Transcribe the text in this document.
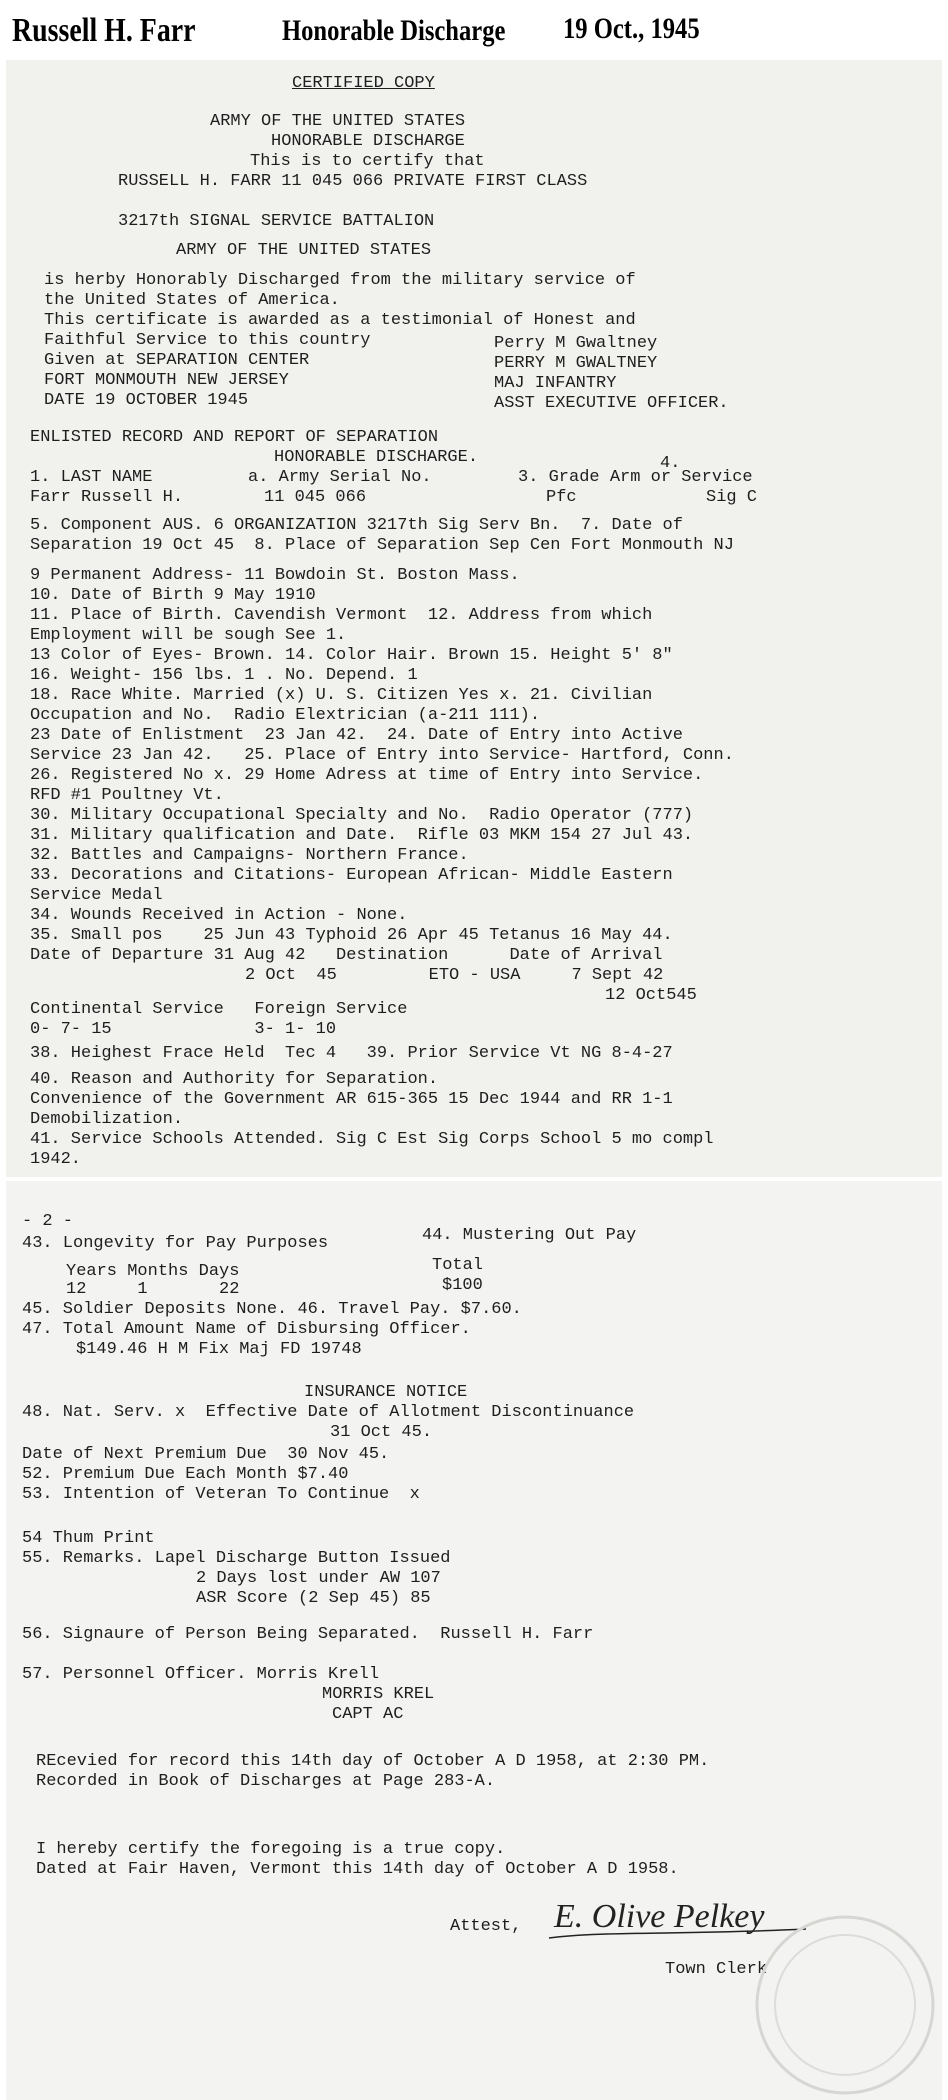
Russell H. Farr	Honorable Discharge 19 Oct., 1945
CERTIFIED COPY
ARMY OF THE UNITED STATES
HONORABLE DISCHARGE
This is to certify that
RUSSELL H. FARR 11 045 066 PRIVATE FIRST CLASS
3217th SIGNAL SERVICE BATTALION
ARMY OF THE UNITED STATES
is herby Honorably Discharged from the military service of
the United States of America.
This certificate is awarded as a testimonial of Honest and
Faithful Service to this country
Given at SEPARATION CENTER
FORT MONMOUTH NEW JERSEY
DATE 19 OCTOBER 1945
Perry M Gwaltney
PERRY M GWALTNEY
MAJ INFANTRY
ASST EXECUTIVE OFFICER.
ENLISTED RECORD AND REPORT OF SEPARATION
HONORABLE DISCHARGE.	4.
1. LAST NAME	a. Army Serial No.	3. Grade Arm or Service
Farr Russell H.	11 045 066	Pfc	Sig C
5. Component AUS. 6 ORGANIZATION 3217th Sig Serv Bn.  7. Date of
Separation 19 Oct 45  8. Place of Separation Sep Cen Fort Monmouth NJ
9 Permanent Address- 11 Bowdoin St. Boston Mass.
10. Date of Birth 9 May 1910
11. Place of Birth. Cavendish Vermont  12. Address from which
Employment will be sough See 1.
13 Color of Eyes- Brown. 14. Color Hair. Brown 15. Height 5' 8"
16. Weight- 156 lbs. 1 . No. Depend. 1
18. Race White. Married (x) U. S. Citizen Yes x. 21. Civilian
Occupation and No.  Radio Elextrician (a-211 111).
23 Date of Enlistment  23 Jan 42.  24. Date of Entry into Active
Service 23 Jan 42.   25. Place of Entry into Service- Hartford, Conn.
26. Registered No x. 29 Home Adress at time of Entry into Service.
RFD #1 Poultney Vt.
30. Military Occupational Specialty and No.  Radio Operator (777)
31. Military qualification and Date.  Rifle 03 MKM 154 27 Jul 43.
32. Battles and Campaigns- Northern France.
33. Decorations and Citations- European African- Middle Eastern
Service Medal
34. Wounds Received in Action - None.
35. Small pos    25 Jun 43 Typhoid 26 Apr 45 Tetanus 16 May 44.
Date of Departure 31 Aug 42   Destination      Date of Arrival
2 Oct  45         ETO - USA     7 Sept 42
12 Oct545
Continental Service   Foreign Service
0- 7- 15              3- 1- 10
38. Heighest Frace Held  Tec 4   39. Prior Service Vt NG 8-4-27
40. Reason and Authority for Separation.
Convenience of the Government AR 615-365 15 Dec 1944 and RR 1-1
Demobilization.
41. Service Schools Attended. Sig C Est Sig Corps School 5 mo compl
1942.
- 2 -
43. Longevity for Pay Purposes	44. Mustering Out Pay
Years Months Days	Total
12     1       22	$100
45. Soldier Deposits None. 46. Travel Pay. $7.60.
47. Total Amount Name of Disbursing Officer.
$149.46 H M Fix Maj FD 19748
INSURANCE NOTICE
48. Nat. Serv. x  Effective Date of Allotment Discontinuance
31 Oct 45.
Date of Next Premium Due  30 Nov 45.
52. Premium Due Each Month $7.40
53. Intention of Veteran To Continue  x
54 Thum Print
55. Remarks. Lapel Discharge Button Issued
2 Days lost under AW 107
ASR Score (2 Sep 45) 85
56. Signaure of Person Being Separated.  Russell H. Farr
57. Personnel Officer. Morris Krell
MORRIS KREL
CAPT AC
REcevied for record this 14th day of October A D 1958, at 2:30 PM.
Recorded in Book of Discharges at Page 283-A.
I hereby certify the foregoing is a true copy.
Dated at Fair Haven, Vermont this 14th day of October A D 1958.
Attest,
Town Clerk
E. Olive Pelkey
